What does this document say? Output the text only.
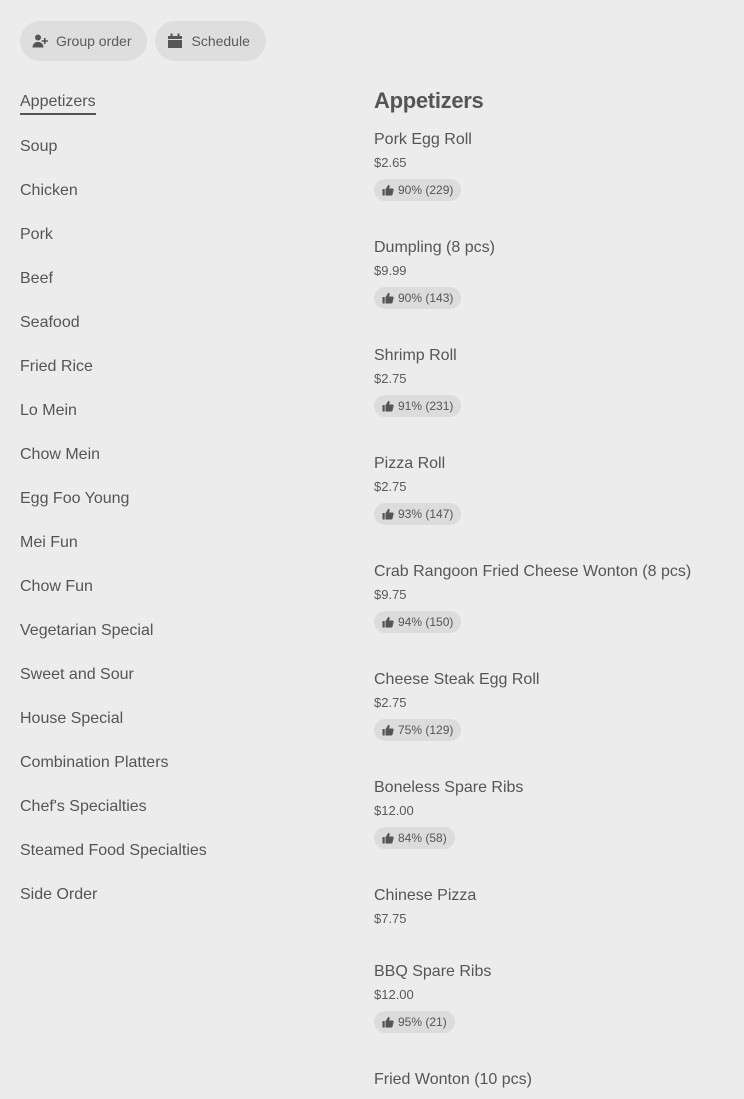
Group order	Schedule
Appetizers
Soup
Chicken
Pork
Beef
Seafood
Fried Rice
Lo Mein
Chow Mein
Egg Foo Young
Mei Fun
Chow Fun
Vegetarian Special
Sweet and Sour
House Special
Combination Platters
Chef's Specialties
Steamed Food Specialties
Side Order
Appetizers
Pork Egg Roll
$2.65
90% (229)
Dumpling (8 pcs)
$9.99
90% (143)
Shrimp Roll
$2.75
91% (231)
Pizza Roll
$2.75
93% (147)
Crab Rangoon Fried Cheese Wonton (8 pcs)
$9.75
94% (150)
Cheese Steak Egg Roll
$2.75
75% (129)
Boneless Spare Ribs
$12.00
84% (58)
Chinese Pizza
$7.75
BBQ Spare Ribs
$12.00
95% (21)
Fried Wonton (10 pcs)
